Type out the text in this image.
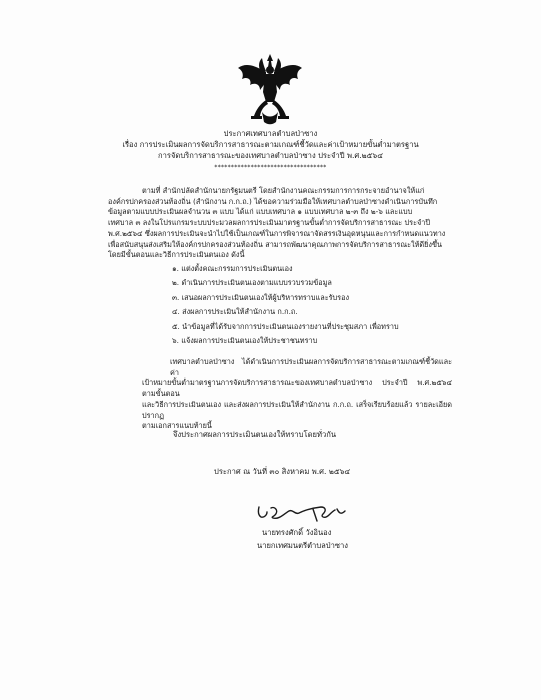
ประกาศเทศบาลตำบลป่าซาง
เรื่อง การประเมินผลการจัดบริการสาธารณะตามเกณฑ์ชี้วัดและค่าเป้าหมายขั้นต่ำมาตรฐาน
การจัดบริการสาธารณะของเทศบาลตำบลป่าซาง ประจำปี พ.ศ.๒๕๖๔
**********************************

ตามที่ สำนักปลัดสำนักนายกรัฐมนตรี โดยสำนักงานคณะกรรมการการกระจายอำนาจให้แก่

องค์กรปกครองส่วนท้องถิ่น (สำนักงาน ก.ก.ถ.) ได้ขอความร่วมมือให้เทศบาลตำบลป่าซางดำเนินการบันทึก

ข้อมูลตามแบบประเมินผลจำนวน ๓ แบบ ได้แก่ แบบเทศบาล ๑ แบบเทศบาล ๒-๓ ถึง ๒-๖ และแบบ

เทศบาล ๓ ลงในโปรแกรมระบบประมวลผลการประเมินมาตรฐานขั้นต่ำการจัดบริการสาธารณะ ประจำปี

พ.ศ.๒๕๖๔ ซึ่งผลการประเมินจะนำไปใช้เป็นเกณฑ์ในการพิจารณาจัดสรรเงินอุดหนุนและการกำหนดแนวทาง

เพื่อสนับสนุนส่งเสริมให้องค์กรปกครองส่วนท้องถิ่น สามารถพัฒนาคุณภาพการจัดบริการสาธารณะให้ดียิ่งขึ้น

โดยมีขั้นตอนและวิธีการประเมินตนเอง ดังนี้

๑. แต่งตั้งคณะกรรมการประเมินตนเอง
๒. ดำเนินการประเมินตนเองตามแบบรวบรวมข้อมูล
๓. เสนอผลการประเมินตนเองให้ผู้บริหารทราบและรับรอง
๔. ส่งผลการประเมินให้สำนักงาน ก.ก.ถ.
๕. นำข้อมูลที่ได้รับจากการประเมินตนเองรายงานที่ประชุมสภา เพื่อทราบ
๖. แจ้งผลการประเมินตนเองให้ประชาชนทราบ

เทศบาลตำบลป่าซาง ได้ดำเนินการประเมินผลการจัดบริการสาธารณะตามเกณฑ์ชี้วัดและค่า

เป้าหมายขั้นต่ำมาตรฐานการจัดบริการสาธารณะของเทศบาลตำบลป่าซาง ประจำปี พ.ศ.๒๕๖๔ ตามขั้นตอน

และวิธีการประเมินตนเอง และส่งผลการประเมินให้สำนักงาน ก.ก.ถ. เสร็จเรียบร้อยแล้ว รายละเอียดปรากฏ

ตามเอกสารแนบท้ายนี้

จึงประกาศผลการประเมินตนเองให้ทราบโดยทั่วกัน
ประกาศ ณ วันที่ ๓๐ สิงหาคม พ.ศ. ๒๕๖๔
นายทรงศักดิ์ วังอินอง
นายกเทศมนตรีตำบลป่าซาง
